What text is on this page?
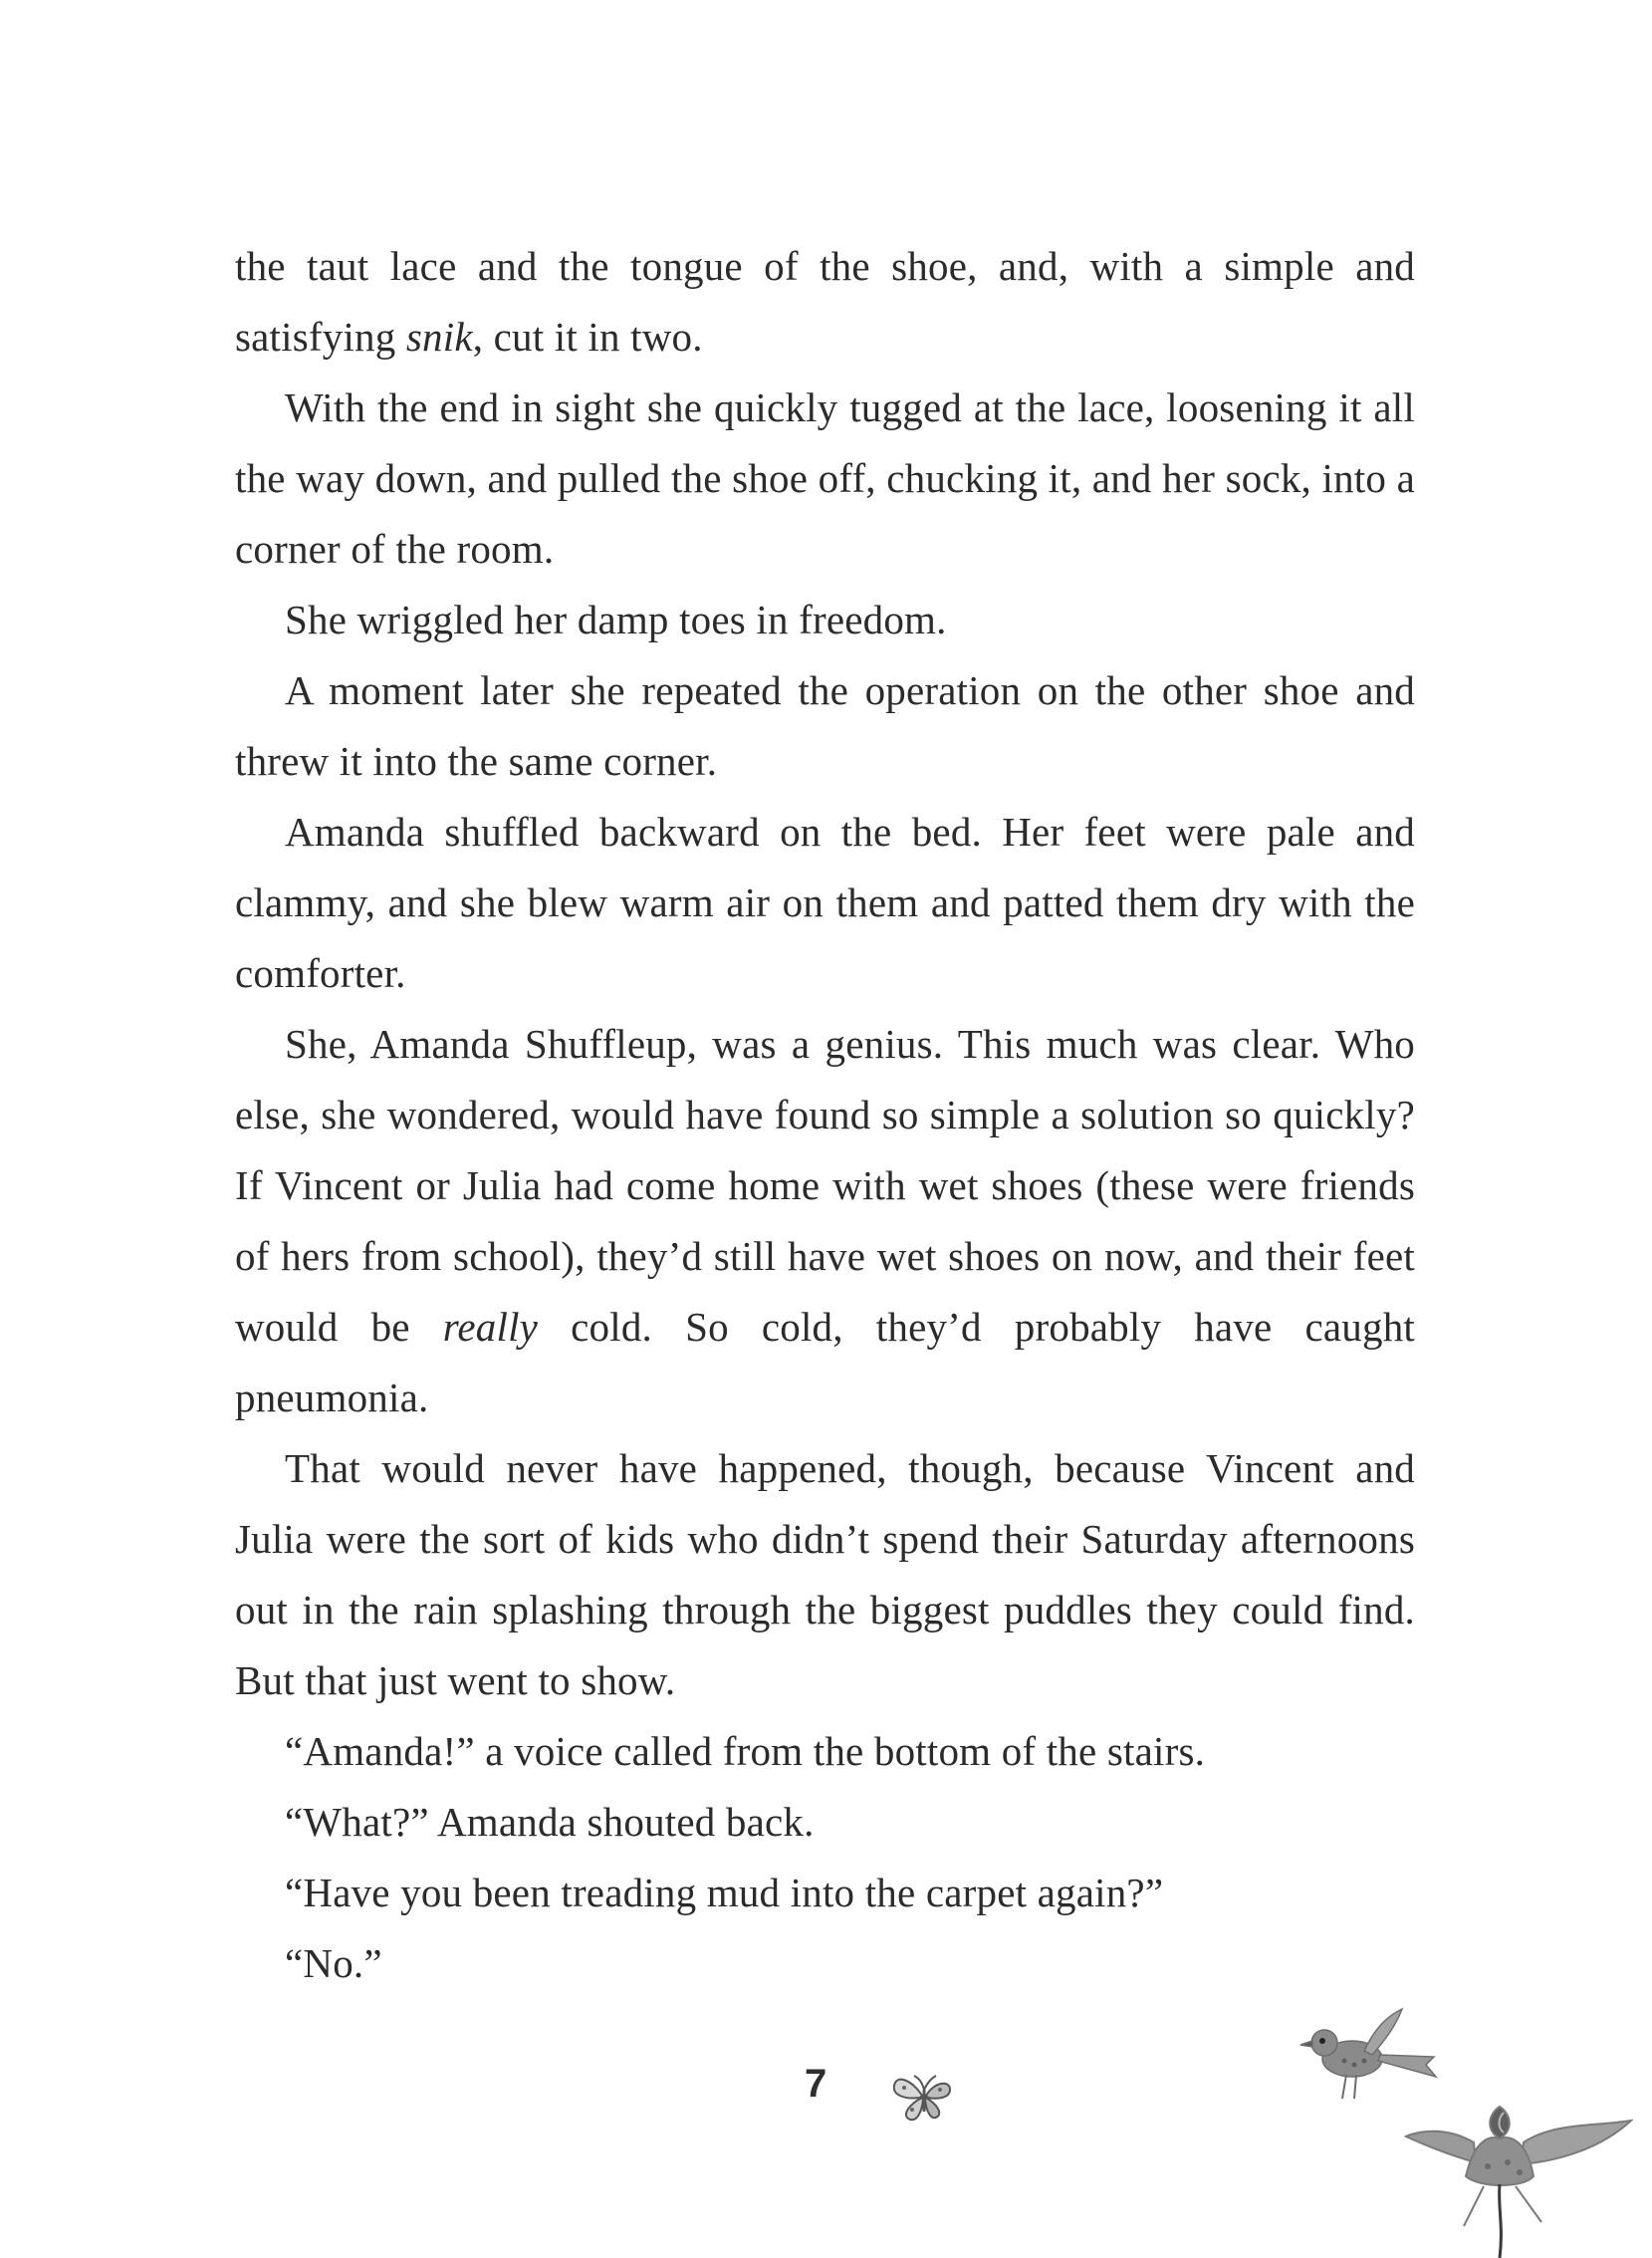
the taut lace and the tongue of the shoe, and, with a simple and satisfying snik, cut it in two.

With the end in sight she quickly tugged at the lace, loosening it all the way down, and pulled the shoe off, chucking it, and her sock, into a corner of the room.

She wriggled her damp toes in freedom.

A moment later she repeated the operation on the other shoe and threw it into the same corner.

Amanda shuffled backward on the bed. Her feet were pale and clammy, and she blew warm air on them and patted them dry with the comforter.

She, Amanda Shuffleup, was a genius. This much was clear. Who else, she wondered, would have found so simple a solution so quickly? If Vincent or Julia had come home with wet shoes (these were friends of hers from school), they’d still have wet shoes on now, and their feet would be really cold. So cold, they’d probably have caught pneumonia.

That would never have happened, though, because Vincent and Julia were the sort of kids who didn’t spend their Saturday afternoons out in the rain splashing through the biggest puddles they could find. But that just went to show.

“Amanda!” a voice called from the bottom of the stairs.

“What?” Amanda shouted back.

“Have you been treading mud into the carpet again?”

“No.”

7
